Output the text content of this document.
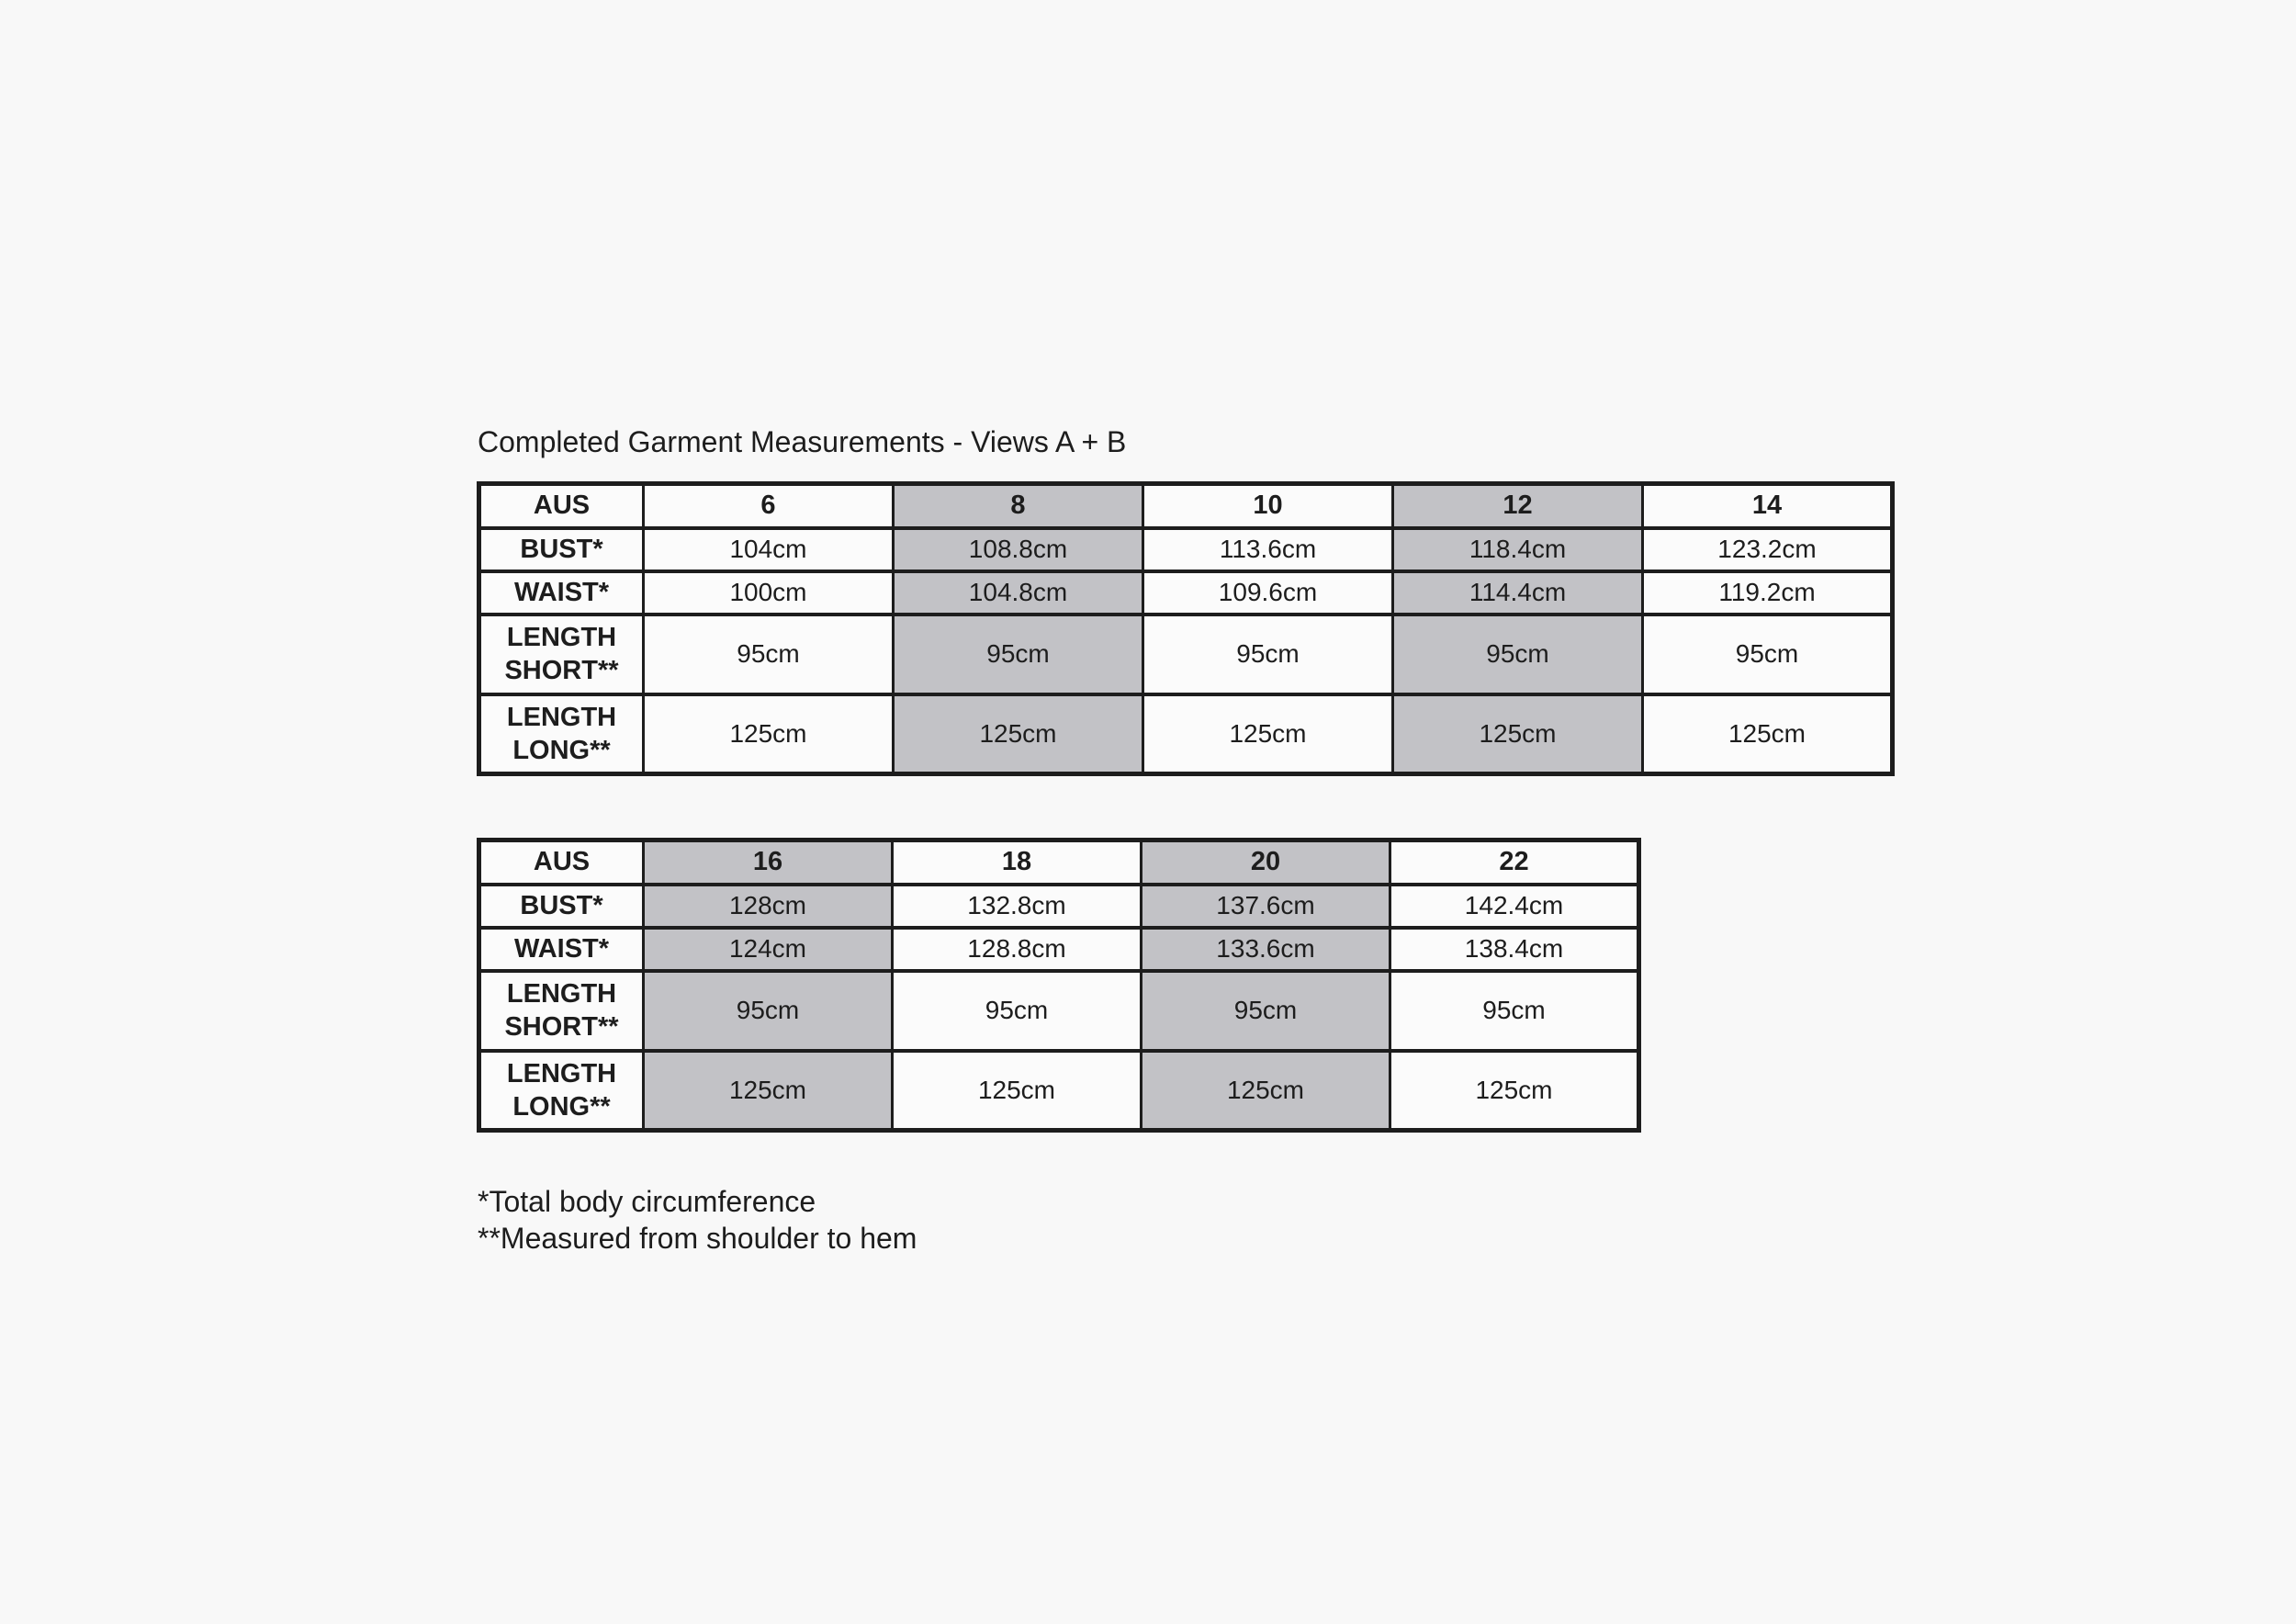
Completed Garment Measurements - Views A + B
AUS	6	8	10	12	14
BUST*	104cm	108.8cm	113.6cm	118.4cm	123.2cm
WAIST*	100cm	104.8cm	109.6cm	114.4cm	119.2cm
LENGTH SHORT**	95cm	95cm	95cm	95cm	95cm
LENGTH LONG**	125cm	125cm	125cm	125cm	125cm
AUS	16	18	20	22
BUST*	128cm	132.8cm	137.6cm	142.4cm
WAIST*	124cm	128.8cm	133.6cm	138.4cm
LENGTH SHORT**	95cm	95cm	95cm	95cm
LENGTH LONG**	125cm	125cm	125cm	125cm
*Total body circumference
**Measured from shoulder to hem
